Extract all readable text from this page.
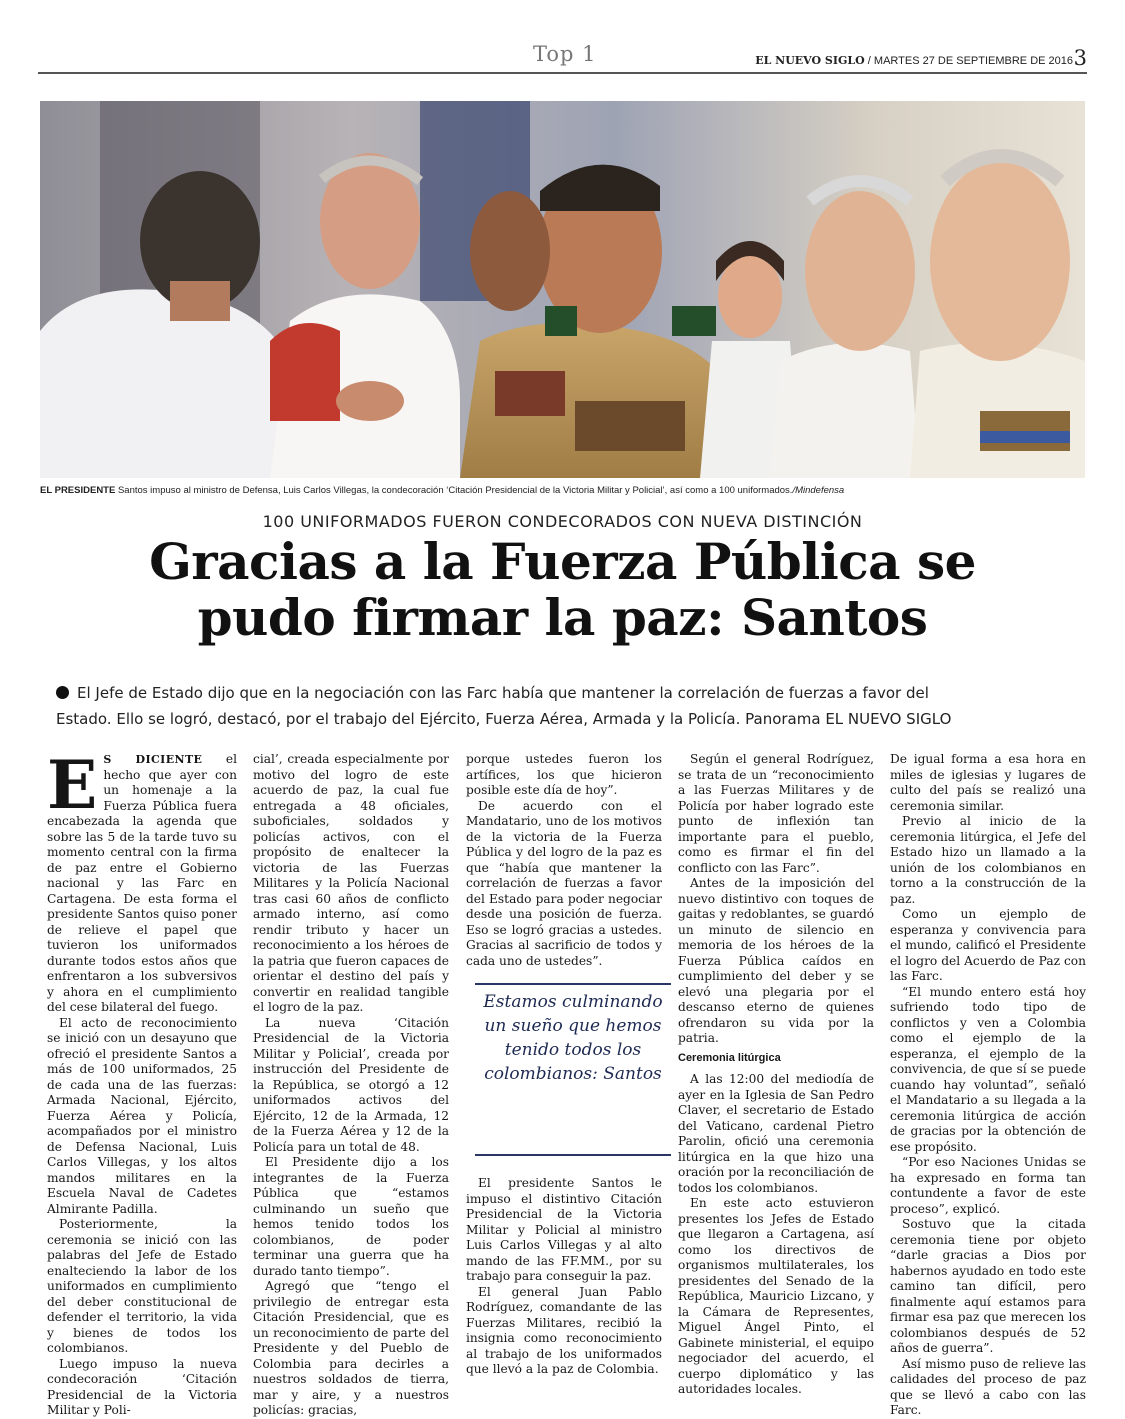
Top 1	EL NUEVO SIGLO / MARTES 27 DE SEPTIEMBRE DE 2016 3
EL PRESIDENTE Santos impuso al ministro de Defensa, Luis Carlos Villegas, la condecoración ‘Citación Presidencial de la Victoria Militar y Policial’, así como a 100 uniformados./Mindefensa
100 UNIFORMADOS FUERON CONDECORADOS CON NUEVA DISTINCIÓN
Gracias a la Fuerza Pública se
pudo firmar la paz: Santos
El Jefe de Estado dijo que en la negociación con las Farc había que mantener la correlación de fuerzas a favor del
Estado. Ello se logró, destacó, por el trabajo del Ejército, Fuerza Aérea, Armada y la Policía. Panorama EL NUEVO SIGLO
E S DICIENTE el hecho que ayer con un homenaje a la Fuerza Pública fuera encabezada la agenda que sobre las 5 de la tarde tuvo su momento central con la firma de paz entre el Gobierno nacional y las Farc en Cartagena. De esta forma el presidente Santos quiso poner de relieve el papel que tuvieron los uniformados durante todos estos años que enfrentaron a los subversivos y ahora en el cumplimiento del cese bilateral del fuego.

El acto de reconocimiento se inició con un desayuno que ofreció el presidente Santos a más de 100 uniformados, 25 de cada una de las fuerzas: Armada Nacional, Ejército, Fuerza Aérea y Policía, acompañados por el ministro de Defensa Nacional, Luis Carlos Villegas, y los altos mandos militares en la Escuela Naval de Cadetes Almirante Padilla.

Posteriormente, la ceremonia se inició con las palabras del Jefe de Estado enalteciendo la labor de los uniformados en cumplimiento del deber constitucional de defender el territorio, la vida y bienes de todos los colombianos.

Luego impuso la nueva condecoración ‘Citación Presidencial de la Victoria Militar y Poli-

cial’, creada especialmente por motivo del logro de este acuerdo de paz, la cual fue entregada a 48 oficiales, suboficiales, soldados y policías activos, con el propósito de enaltecer la victoria de las Fuerzas Militares y la Policía Nacional tras casi 60 años de conflicto armado interno, así como rendir tributo y hacer un reconocimiento a los héroes de la patria que fueron capaces de orientar el destino del país y convertir en realidad tangible el logro de la paz.

La nueva ‘Citación Presidencial de la Victoria Militar y Policial’, creada por instrucción del Presidente de la República, se otorgó a 12 uniformados activos del Ejército, 12 de la Armada, 12 de la Fuerza Aérea y 12 de la Policía para un total de 48.

El Presidente dijo a los integrantes de la Fuerza Pública que “estamos culminando un sueño que hemos tenido todos los colombianos, de poder terminar una guerra que ha durado tanto tiempo”.

Agregó que “tengo el privilegio de entregar esta Citación Presidencial, que es un reconocimiento de parte del Presidente y del Pueblo de Colombia para decirles a nuestros soldados de tierra, mar y aire, y a nuestros policías: gracias,

porque ustedes fueron los artífices, los que hicieron posible este día de hoy”.

De acuerdo con el Mandatario, uno de los motivos de la victoria de la Fuerza Pública y del logro de la paz es que “había que mantener la correlación de fuerzas a favor del Estado para poder negociar desde una posición de fuerza. Eso se logró gracias a ustedes. Gracias al sacrificio de todos y cada uno de ustedes”.

Estamos culminando un sueño que hemos tenido todos los colombianos: Santos

El presidente Santos le impuso el distintivo Citación Presidencial de la Victoria Militar y Policial al ministro Luis Carlos Villegas y al alto mando de las FF.MM., por su trabajo para conseguir la paz.

El general Juan Pablo Rodríguez, comandante de las Fuerzas Militares, recibió la insignia como reconocimiento al trabajo de los uniformados que llevó a la paz de Colombia.

Según el general Rodríguez, se trata de un “reconocimiento a las Fuerzas Militares y de Policía por haber logrado este punto de inflexión tan importante para el pueblo, como es firmar el fin del conflicto con las Farc”.

Antes de la imposición del nuevo distintivo con toques de gaitas y redoblantes, se guardó un minuto de silencio en memoria de los héroes de la Fuerza Pública caídos en cumplimiento del deber y se elevó una plegaria por el descanso eterno de quienes ofrendaron su vida por la patria.

Ceremonia litúrgica

A las 12:00 del mediodía de ayer en la Iglesia de San Pedro Claver, el secretario de Estado del Vaticano, cardenal Pietro Parolin, ofició una ceremonia litúrgica en la que hizo una oración por la reconciliación de todos los colombianos.

En este acto estuvieron presentes los Jefes de Estado que llegaron a Cartagena, así como los directivos de organismos multilaterales, los presidentes del Senado de la República, Mauricio Lizcano, y la Cámara de Representes, Miguel Ángel Pinto, el Gabinete ministerial, el equipo negociador del acuerdo, el cuerpo diplomático y las autoridades locales.

De igual forma a esa hora en miles de iglesias y lugares de culto del país se realizó una ceremonia similar.

Previo al inicio de la ceremonia litúrgica, el Jefe del Estado hizo un llamado a la unión de los colombianos en torno a la construcción de la paz.

Como un ejemplo de esperanza y convivencia para el mundo, calificó el Presidente el logro del Acuerdo de Paz con las Farc.

“El mundo entero está hoy sufriendo todo tipo de conflictos y ven a Colombia como el ejemplo de la esperanza, el ejemplo de la convivencia, de que sí se puede cuando hay voluntad”, señaló el Mandatario a su llegada a la ceremonia litúrgica de acción de gracias por la obtención de ese propósito.

“Por eso Naciones Unidas se ha expresado en forma tan contundente a favor de este proceso”, explicó.

Sostuvo que la citada ceremonia tiene por objeto “darle gracias a Dios por habernos ayudado en todo este camino tan difícil, pero finalmente aquí estamos para firmar esa paz que merecen los colombianos después de 52 años de guerra”.

Así mismo puso de relieve las calidades del proceso de paz que se llevó a cabo con las Farc.
